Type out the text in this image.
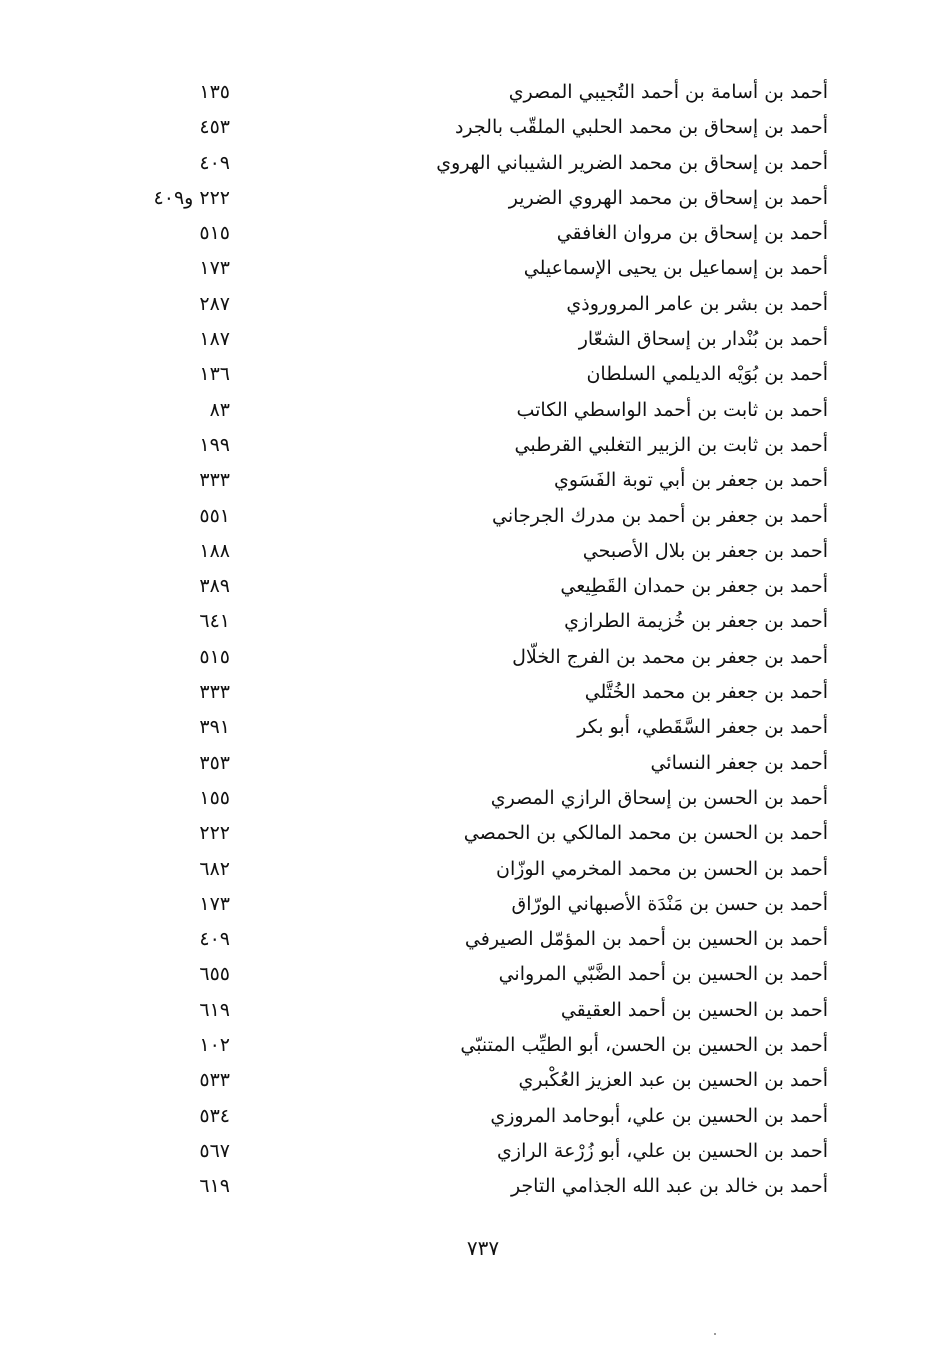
أحمد بن أسامة بن أحمد التُجيبي المصري
١٣٥
أحمد بن إسحاق بن محمد الحلبي الملقّب بالجرد
٤٥٣
أحمد بن إسحاق بن محمد الضرير الشيباني الهروي
٤٠٩
أحمد بن إسحاق بن محمد الهروي الضرير
٢٢٢ و٤٠٩
أحمد بن إسحاق بن مروان الغافقي
٥١٥
أحمد بن إسماعيل بن يحيى الإسماعيلي
١٧٣
أحمد بن بشر بن عامر المروروذي
٢٨٧
أحمد بن بُنْدار بن إسحاق الشعّار
١٨٧
أحمد بن بُوَيْه الديلمي السلطان
١٣٦
أحمد بن ثابت بن أحمد الواسطي الكاتب
٨٣
أحمد بن ثابت بن الزبير التغلبي القرطبي
١٩٩
أحمد بن جعفر بن أبي توبة الفَسَوي
٣٣٣
أحمد بن جعفر بن أحمد بن مدرك الجرجاني
٥٥١
أحمد بن جعفر بن بلال الأصبحي
١٨٨
أحمد بن جعفر بن حمدان القَطِيعي
٣٨٩
أحمد بن جعفر بن خُزيمة الطرازي
٦٤١
أحمد بن جعفر بن محمد بن الفرج الخلّال
٥١٥
أحمد بن جعفر بن محمد الخُتَّلي
٣٣٣
أحمد بن جعفر السَّقَطي، أبو بكر
٣٩١
أحمد بن جعفر النسائي
٣٥٣
أحمد بن الحسن بن إسحاق الرازي المصري
١٥٥
أحمد بن الحسن بن محمد المالكي بن الحمصي
٢٢٢
أحمد بن الحسن بن محمد المخرمي الوزّان
٦٨٢
أحمد بن حسن بن مَنْدَة الأصبهاني الورّاق
١٧٣
أحمد بن الحسين بن أحمد بن المؤمّل الصيرفي
٤٠٩
أحمد بن الحسين بن أحمد الضَّبّي المرواني
٦٥٥
أحمد بن الحسين بن أحمد العقيقي
٦١٩
أحمد بن الحسين بن الحسن، أبو الطيِّب المتنبّي
١٠٢
أحمد بن الحسين بن عبد العزيز العُكْبري
٥٣٣
أحمد بن الحسين بن علي، أبوحامد المروزي
٥٣٤
أحمد بن الحسين بن علي، أبو زُرْعة الرازي
٥٦٧
أحمد بن خالد بن عبد الله الجذامي التاجر
٦١٩
٧٣٧
